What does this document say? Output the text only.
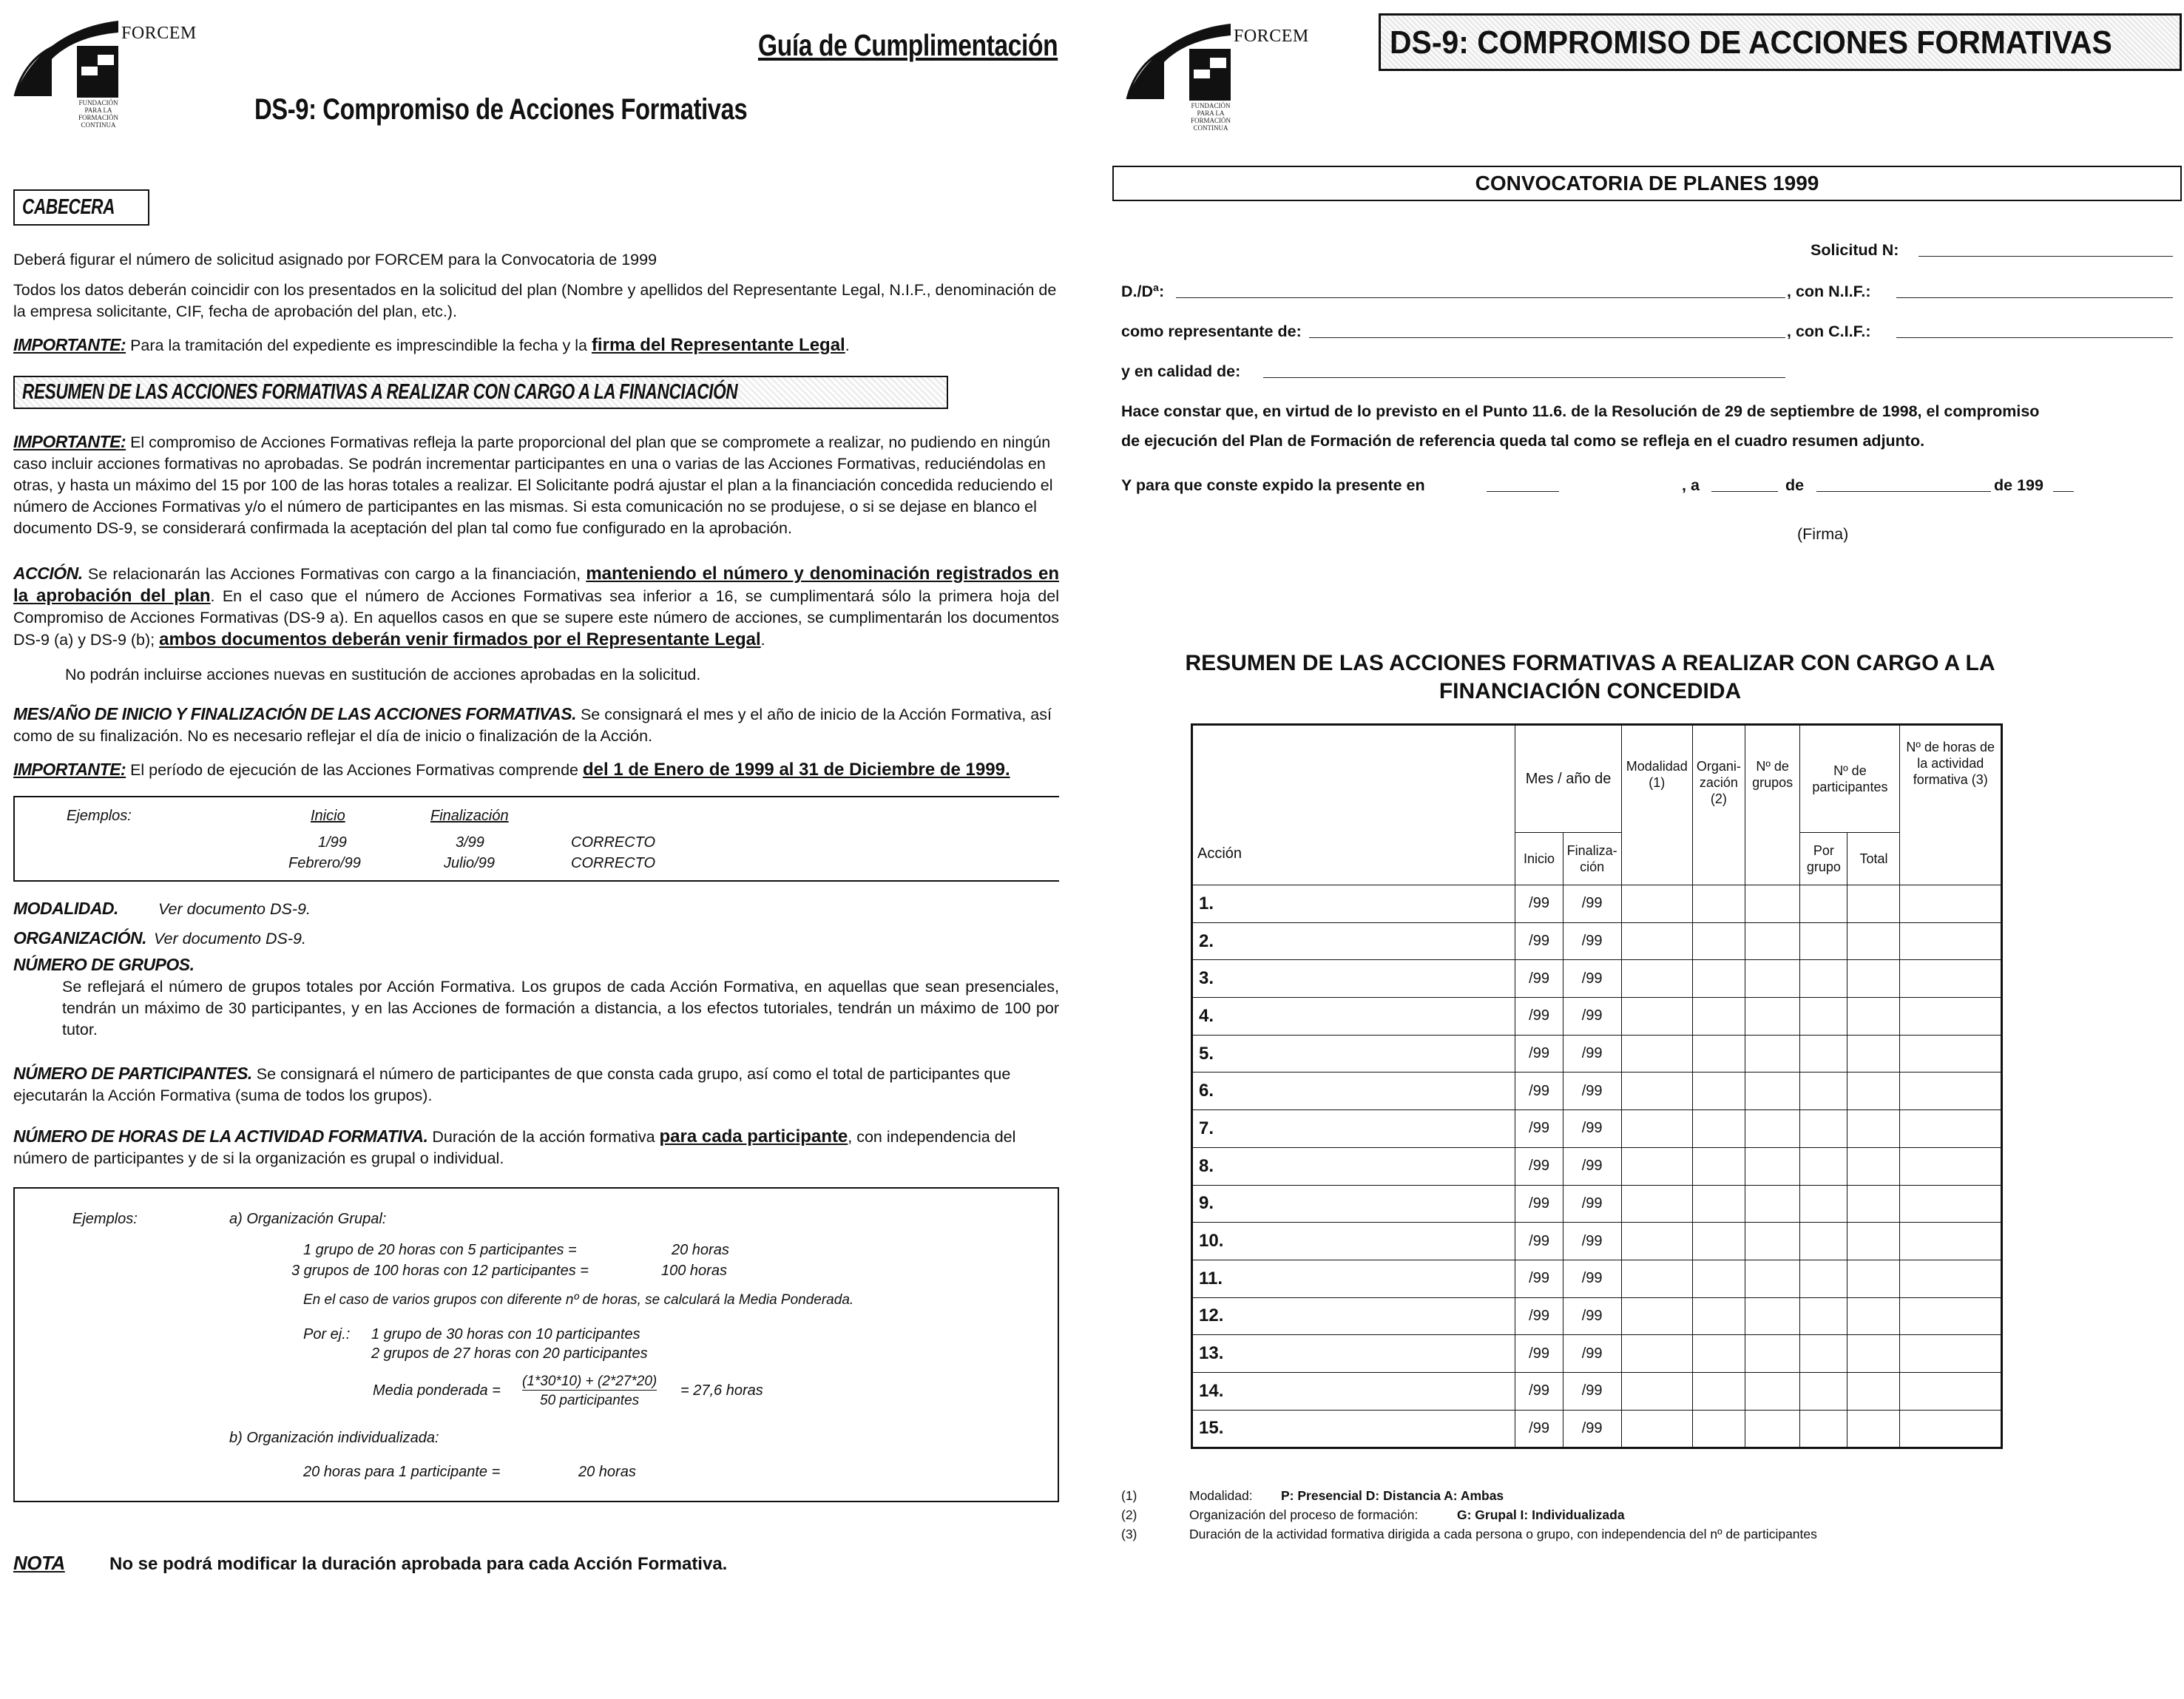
FORCEM
FUNDACIÓN
PARA LA
FORMACIÓN
CONTINUA
Guía de Cumplimentación
DS-9: Compromiso de Acciones Formativas
CABECERA

Deberá figurar el número de solicitud asignado por FORCEM para la Convocatoria de 1999

Todos los datos deberán coincidir con los presentados en la solicitud del plan (Nombre y apellidos del Representante Legal, N.I.F., denominación de la empresa solicitante, CIF, fecha de aprobación del plan, etc.).

IMPORTANTE: Para la tramitación del expediente es imprescindible la fecha y la firma del Representante Legal.

RESUMEN DE LAS ACCIONES FORMATIVAS A REALIZAR CON CARGO A LA FINANCIACIÓN

IMPORTANTE: El compromiso de Acciones Formativas refleja la parte proporcional del plan que se compromete a realizar, no pudiendo en ningún caso incluir acciones formativas no aprobadas. Se podrán incrementar participantes en una o varias de las Acciones Formativas, reduciéndolas en otras, y hasta un máximo del 15 por 100 de las horas totales a realizar. El Solicitante podrá ajustar el plan a la financiación concedida reduciendo el número de Acciones Formativas y/o el número de participantes en las mismas. Si esta comunicación no se produjese, o si se dejase en blanco el documento DS-9, se considerará confirmada la aceptación del plan tal como fue configurado en la aprobación.

ACCIÓN. Se relacionarán las Acciones Formativas con cargo a la financiación, manteniendo el número y denominación registrados en la aprobación del plan. En el caso que el número de Acciones Formativas sea inferior a 16, se cumplimentará sólo la primera hoja del Compromiso de Acciones Formativas (DS-9 a). En aquellos casos en que se supere este número de acciones, se cumplimentarán los documentos DS-9 (a) y DS-9 (b); ambos documentos deberán venir firmados por el Representante Legal.

No podrán incluirse acciones nuevas en sustitución de acciones aprobadas en la solicitud.

MES/AÑO DE INICIO Y FINALIZACIÓN DE LAS ACCIONES FORMATIVAS. Se consignará el mes y el año de inicio de la Acción Formativa, así como de su finalización. No es necesario reflejar el día de inicio o finalización de la Acción.

IMPORTANTE: El período de ejecución de las Acciones Formativas comprende del 1 de Enero de 1999 al 31 de Diciembre de 1999.

Ejemplos:	Inicio	Finalización
1/99	3/99	CORRECTO
Febrero/99	Julio/99	CORRECTO

MODALIDAD.	Ver documento DS-9.

ORGANIZACIÓN. Ver documento DS-9.

NÚMERO DE GRUPOS.

Se reflejará el número de grupos totales por Acción Formativa. Los grupos de cada Acción Formativa, en aquellas que sean presenciales, tendrán un máximo de 30 participantes, y en las Acciones de formación a distancia, a los efectos tutoriales, tendrán un máximo de 100 por tutor.

NÚMERO DE PARTICIPANTES. Se consignará el número de participantes de que consta cada grupo, así como el total de participantes que ejecutarán la Acción Formativa (suma de todos los grupos).

NÚMERO DE HORAS DE LA ACTIVIDAD FORMATIVA. Duración de la acción formativa para cada participante, con independencia del número de participantes y de si la organización es grupal o individual.

Ejemplos:	a) Organización Grupal:
1 grupo de 20 horas con 5 participantes =	20 horas
3 grupos de 100 horas con 12 participantes =	100 horas
En el caso de varios grupos con diferente nº de horas, se calculará la Media Ponderada.
Por ej.: 1 grupo de 30 horas con 10 participantes
2 grupos de 27 horas con 20 participantes
Media ponderada =
(1*30*10) + (2*27*20)
50 participantes
= 27,6 horas
b) Organización individualizada:
20 horas para 1 participante =	20 horas

NOTA	No se podrá modificar la duración aprobada para cada Acción Formativa.

FORCEM
FUNDACIÓN
PARA LA
FORMACIÓN
CONTINUA
DS-9: COMPROMISO DE ACCIONES FORMATIVAS
CONVOCATORIA DE PLANES 1999
Solicitud N:
D./Dª:	, con N.I.F.:
como representante de:	, con C.I.F.:
y en calidad de:
Hace constar que, en virtud de lo previsto en el Punto 11.6. de la Resolución de 29 de septiembre de 1998, el compromiso
de ejecución del Plan de Formación de referencia queda tal como se refleja en el cuadro resumen adjunto.
Y para que conste expido la presente en	, a	de	de 199
(Firma)
RESUMEN DE LAS ACCIONES FORMATIVAS A REALIZAR CON CARGO A LA
FINANCIACIÓN CONCEDIDA
Acción	Mes / año de		Modalidad (1)	Organi-zación (2)	Nº de grupos	Nº de participantes		Nº de horas de la actividad formativa (3)
	Inicio	Finaliza-ción				Por grupo	Total	
1.	/99	/99						
2.	/99	/99						
3.	/99	/99						
4.	/99	/99						
5.	/99	/99						
6.	/99	/99						
7.	/99	/99						
8.	/99	/99						
9.	/99	/99						
10.	/99	/99						
11.	/99	/99						
12.	/99	/99						
13.	/99	/99						
14.	/99	/99						
15.	/99	/99						
(1)	Modalidad: P: Presencial D: Distancia A: Ambas
(2)	Organización del proceso de formación:	G: Grupal I: Individualizada
(3)	Duración de la actividad formativa dirigida a cada persona o grupo, con independencia del nº de participantes
